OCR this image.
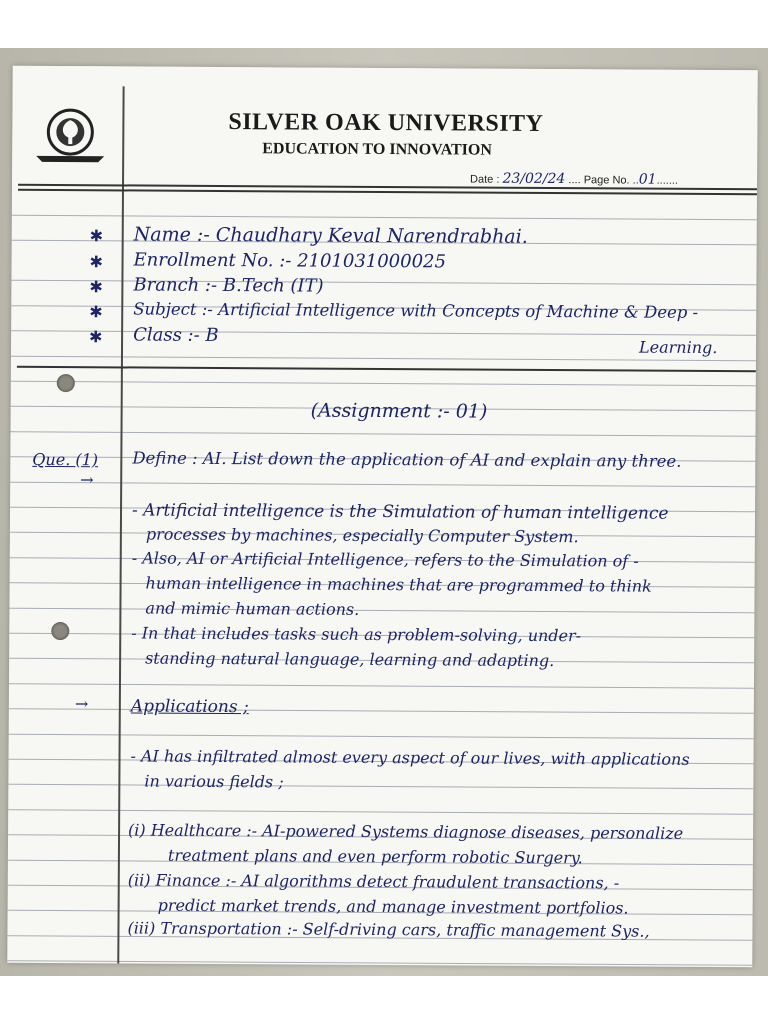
SILVER OAK UNIVERSITY
EDUCATION TO INNOVATION
Date : 23/02/24 .... Page No. ..01.......
✱
✱
✱
✱
✱
Name :- Chaudhary Keval Narendrabhai.
Enrollment No. :- 2101031000025
Branch :- B.Tech (IT)
Subject :- Artificial Intelligence with Concepts of Machine & Deep -
Class :- B
Learning.
(Assignment :- 01)
Que. (1)
→
Define : AI. List down the application of AI and explain any three.
- Artificial intelligence is the Simulation of human intelligence
processes by machines, especially Computer System.
- Also, AI or Artificial Intelligence, refers to the Simulation of -
human intelligence in machines that are programmed to think
and mimic human actions.
- In that includes tasks such as problem-solving, under-
standing natural language, learning and adapting.
→ Applications ;
- AI has infiltrated almost every aspect of our lives, with applications
in various fields ;
(i) Healthcare :- AI-powered Systems diagnose diseases, personalize
treatment plans and even perform robotic Surgery.
(ii) Finance :- AI algorithms detect fraudulent transactions, -
predict market trends, and manage investment portfolios.
(iii) Transportation :- Self-driving cars, traffic management Sys.,
